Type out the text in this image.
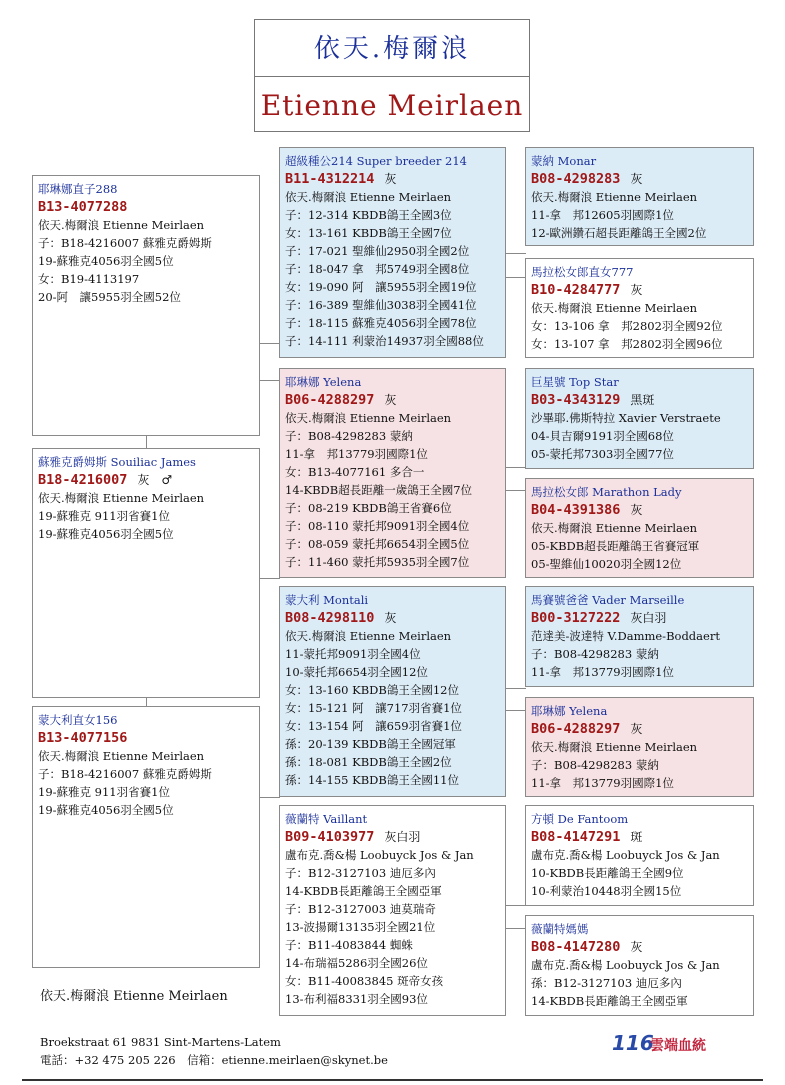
依天.梅爾浪
Etienne Meirlaen
耶琳娜直子288
B13-4077288
依天.梅爾浪 Etienne Meirlaen
子：B18-4216007 蘇雅克爵姆斯
19-蘇雅克4056羽全國5位
女：B19-4113197
20-阿　讓5955羽全國52位
蘇雅克爵姆斯 Souiliac James
B18-4216007 灰　♂
依天.梅爾浪 Etienne Meirlaen
19-蘇雅克 911羽省賽1位
19-蘇雅克4056羽全國5位
蒙大利直女156
B13-4077156
依天.梅爾浪 Etienne Meirlaen
子：B18-4216007 蘇雅克爵姆斯
19-蘇雅克 911羽省賽1位
19-蘇雅克4056羽全國5位
超級種公214 Super breeder 214
B11-4312214 灰
依天.梅爾浪 Etienne Meirlaen
子：12-314 KBDB鴿王全國3位
女：13-161 KBDB鴿王全國7位
子：17-021 聖維仙2950羽全國2位
子：18-047 拿　邦5749羽全國8位
女：19-090 阿　讓5955羽全國19位
子：16-389 聖維仙3038羽全國41位
子：18-115 蘇雅克4056羽全國78位
子：14-111 利蒙治14937羽全國88位
耶琳娜 Yelena
B06-4288297 灰
依天.梅爾浪 Etienne Meirlaen
子：B08-4298283 蒙納
11-拿　邦13779羽國際1位
女：B13-4077161 多合一
14-KBDB超長距離一歲鴿王全國7位
子：08-219 KBDB鴿王省賽6位
子：08-110 蒙托邦9091羽全國4位
子：08-059 蒙托邦6654羽全國5位
子：11-460 蒙托邦5935羽全國7位
蒙大利 Montali
B08-4298110 灰
依天.梅爾浪 Etienne Meirlaen
11-蒙托邦9091羽全國4位
10-蒙托邦6654羽全國12位
女：13-160 KBDB鴿王全國12位
女：15-121 阿　讓717羽省賽1位
女：13-154 阿　讓659羽省賽1位
孫：20-139 KBDB鴿王全國冠軍
孫：18-081 KBDB鴿王全國2位
孫：14-155 KBDB鴿王全國11位
薇蘭特 Vaillant
B09-4103977 灰白羽
盧布克.喬&楊 Loobuyck Jos & Jan
子：B12-3127103 迪厄多內
14-KBDB長距離鴿王全國亞軍
子：B12-3127003 迪莫瑞奇
13-波揚爾13135羽全國21位
子：B11-4083844 蜘蛛
14-布瑞福5286羽全國26位
女：B11-40083845 斑帝女孩
13-布利福8331羽全國93位
蒙納 Monar
B08-4298283 灰
依天.梅爾浪 Etienne Meirlaen
11-拿　邦12605羽國際1位
12-歐洲鑽石超長距離鴿王全國2位
馬拉松女郎直女777
B10-4284777 灰
依天.梅爾浪 Etienne Meirlaen
女：13-106 拿　邦2802羽全國92位
女：13-107 拿　邦2802羽全國96位
巨星號 Top Star
B03-4343129 黑斑
沙畢耶.佛斯特拉 Xavier Verstraete
04-貝吉爾9191羽全國68位
05-蒙托邦7303羽全國77位
馬拉松女郎 Marathon Lady
B04-4391386 灰
依天.梅爾浪 Etienne Meirlaen
05-KBDB超長距離鴿王省賽冠軍
05-聖維仙10020羽全國12位
馬賽號爸爸 Vader Marseille
B00-3127222 灰白羽
范達美-波達特 V.Damme-Boddaert
子：B08-4298283 蒙納
11-拿　邦13779羽國際1位
耶琳娜 Yelena
B06-4288297 灰
依天.梅爾浪 Etienne Meirlaen
子：B08-4298283 蒙納
11-拿　邦13779羽國際1位
方頓 De Fantoom
B08-4147291 斑
盧布克.喬&楊 Loobuyck Jos & Jan
10-KBDB長距離鴿王全國9位
10-利蒙治10448羽全國15位
薇蘭特媽媽
B08-4147280 灰
盧布克.喬&楊 Loobuyck Jos & Jan
孫：B12-3127103 迪厄多內
14-KBDB長距離鴿王全國亞軍
依天.梅爾浪 Etienne Meirlaen
Broekstraat 61 9831 Sint-Martens-Latem
電話：+32 475 205 226　信箱：etienne.meirlaen@skynet.be
116
雲端血統
